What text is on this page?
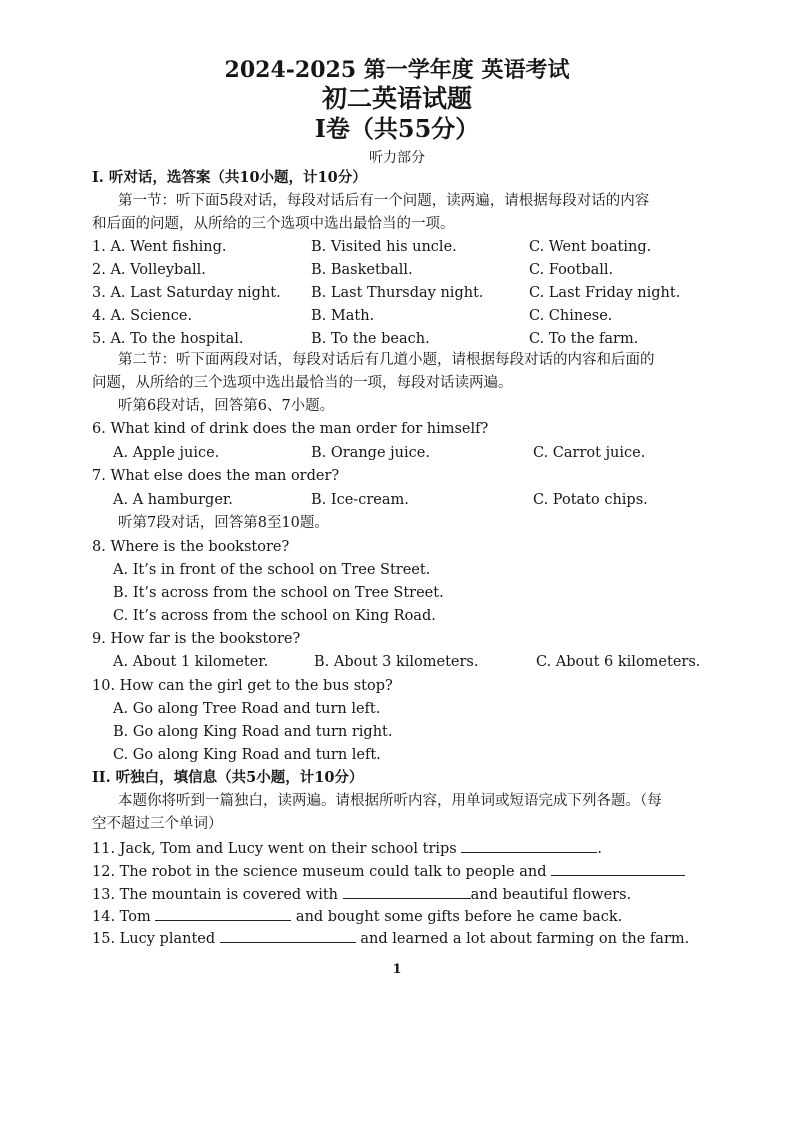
2024-2025 第一学年度 英语考试
初二英语试题
I卷（共55分）
听力部分
I. 听对话，选答案（共10小题，计10分）
第一节：听下面5段对话，每段对话后有一个问题，读两遍，请根据每段对话的内容
和后面的问题，从所给的三个选项中选出最恰当的一项。
1. A. Went fishing.	B. Visited his uncle.	C. Went boating.
2. A. Volleyball.	B. Basketball.	C. Football.
3. A. Last Saturday night. B. Last Thursday night.	C. Last Friday night.
4. A. Science.	B. Math.	C. Chinese.
5. A. To the hospital.	B. To the beach.	C. To the farm.
第二节：听下面两段对话，每段对话后有几道小题，请根据每段对话的内容和后面的
问题，从所给的三个选项中选出最恰当的一项，每段对话读两遍。
听第6段对话，回答第6、7小题。
6. What kind of drink does the man order for himself?
A. Apple juice.	B. Orange juice.	C. Carrot juice.
7. What else does the man order?
A. A hamburger.	B. Ice-cream.	C. Potato chips.
听第7段对话，回答第8至10题。
8. Where is the bookstore?
A. It’s in front of the school on Tree Street.
B. It’s across from the school on Tree Street.
C. It’s across from the school on King Road.
9. How far is the bookstore?
A. About 1 kilometer.	B. About 3 kilometers.	C. About 6 kilometers.
10. How can the girl get to the bus stop?
A. Go along Tree Road and turn left.
B. Go along King Road and turn right.
C. Go along King Road and turn left.
II. 听独白，填信息（共5小题，计10分）
本题你将听到一篇独白，读两遍。请根据所听内容，用单词或短语完成下列各题。（每
空不超过三个单词）
11. Jack, Tom and Lucy went on their school trips	.
12. The robot in the science museum could talk to people and
13. The mountain is covered with	and beautiful flowers.
14. Tom	and bought some gifts before he came back.
15. Lucy planted	and learned a lot about farming on the farm.
1
